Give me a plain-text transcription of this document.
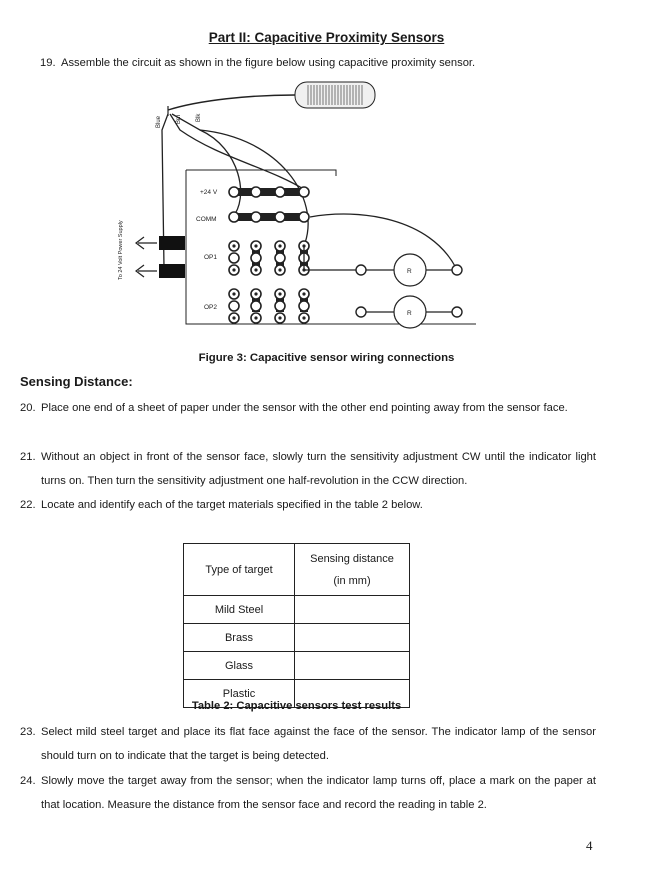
Part II: Capacitive Proximity Sensors
19. Assemble the circuit as shown in the figure below using capacitive proximity sensor.
Blue Brn Blk
+24 V
COMM
OP1
OP2
R
R
To 24 Volt Power Supply
Figure 3: Capacitive sensor wiring connections
Sensing Distance:
20. Place one end of a sheet of paper under the sensor with the other end pointing away from the sensor face.
21. Without an object in front of the sensor face, slowly turn the sensitivity adjustment CW until the indicator light turns on. Then turn the sensitivity adjustment one half-revolution in the CCW direction.
22. Locate and identify each of the target materials specified in the table 2 below.
Type of target	Sensing distance
(in mm)
Mild Steel	
Brass	
Glass	
Plastic	
Table 2: Capacitive sensors test results
23. Select mild steel target and place its flat face against the face of the sensor. The indicator lamp of the sensor should turn on to indicate that the target is being detected.
24. Slowly move the target away from the sensor; when the indicator lamp turns off, place a mark on the paper at that location. Measure the distance from the sensor face and record the reading in table 2.
4
